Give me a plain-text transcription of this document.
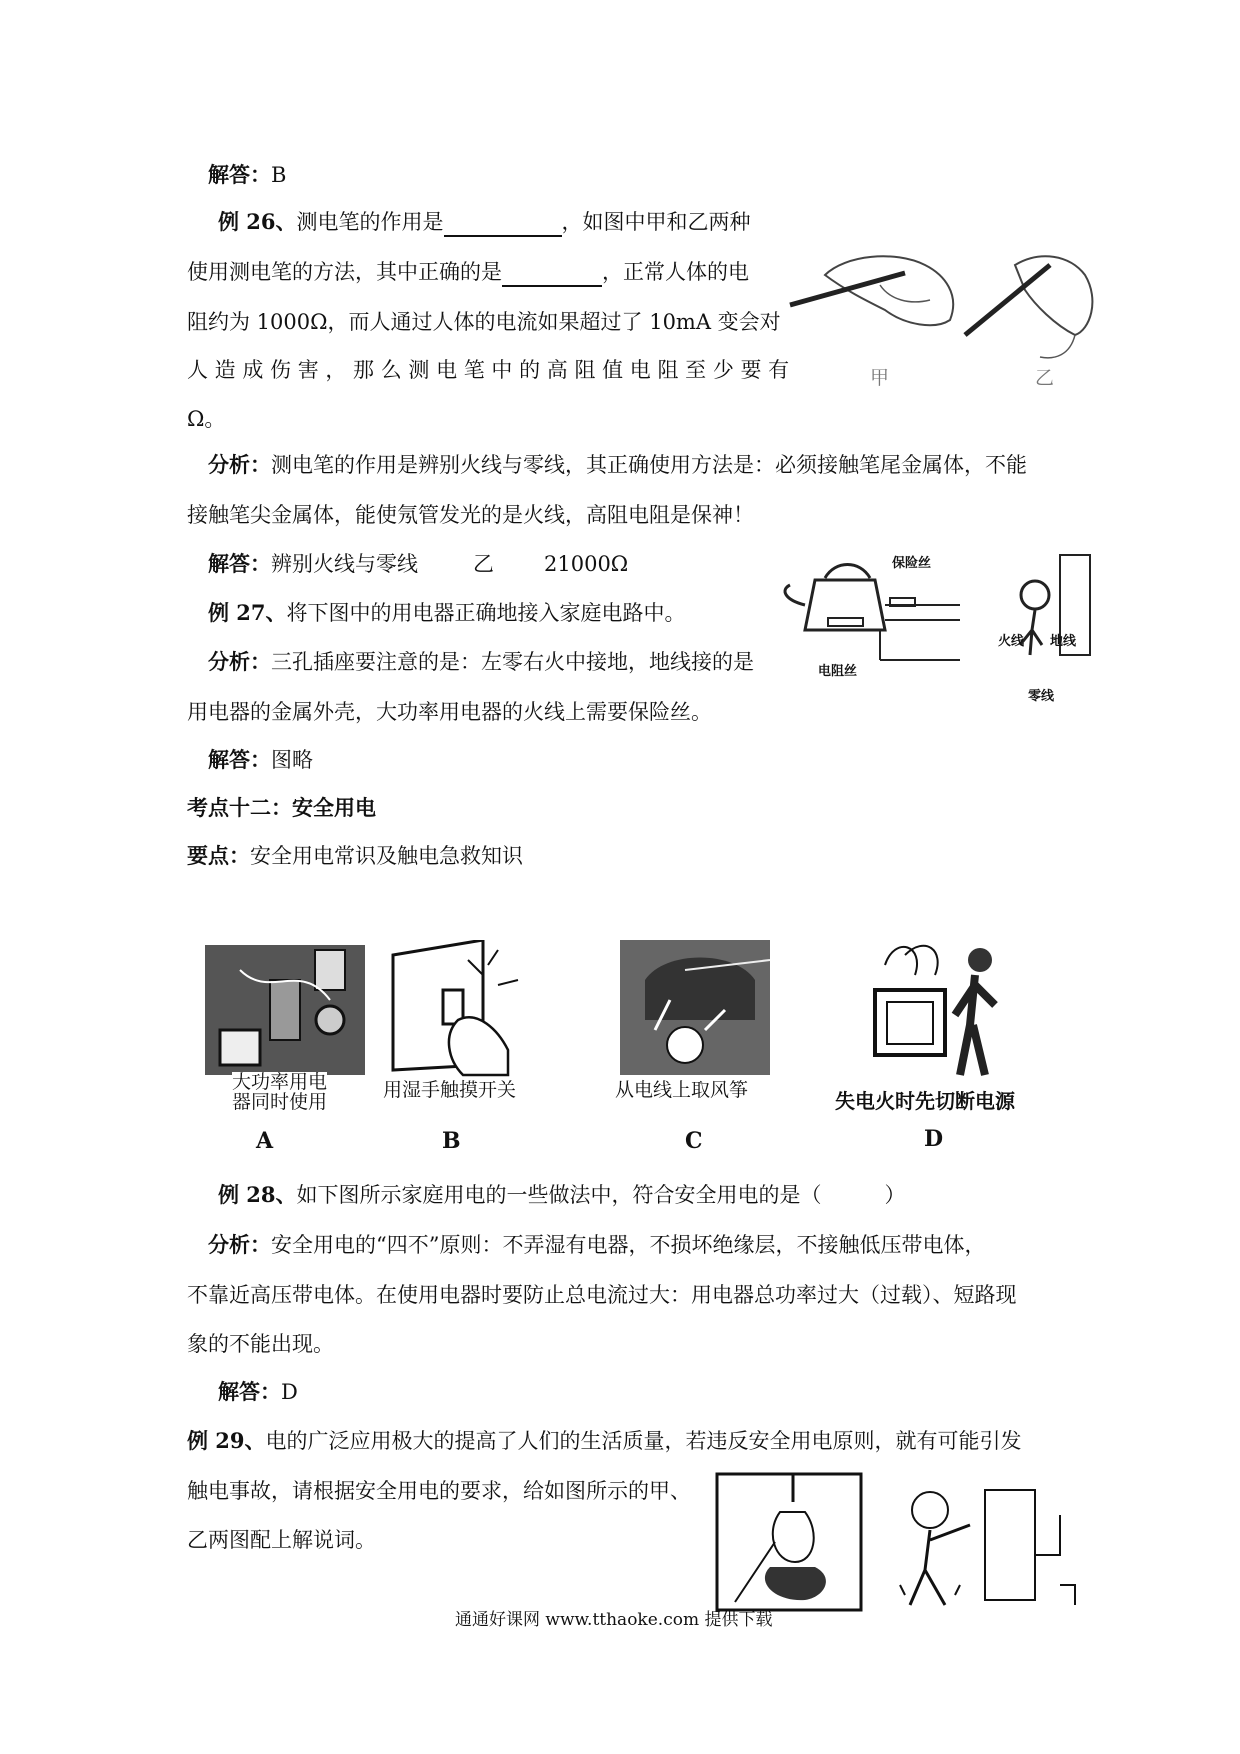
解答：B
例 26、测电笔的作用是	，如图中甲和乙两种
使用测电笔的方法，其中正确的是	，正常人体的电
阻约为 1000Ω，而人通过人体的电流如果超过了 10mA 变会对
人 造 成 伤 害 ， 那 么 测 电 笔 中 的 高 阻 值 电 阻 至 少 要 有
Ω。
甲	乙
分析：测电笔的作用是辨别火线与零线，其正确使用方法是：必须接触笔尾金属体，不能
接触笔尖金属体，能使氖管发光的是火线，高阻电阻是保神！
解答：辨别火线与零线	乙 21000Ω
例 27、将下图中的用电器正确地接入家庭电路中。
保险丝
电阻丝
火线 地线
零线
分析：三孔插座要注意的是：左零右火中接地，地线接的是
用电器的金属外壳，大功率用电器的火线上需要保险丝。
解答：图略
考点十二：安全用电
要点：安全用电常识及触电急救知识
大功率用电
器同时使用
A
用湿手触摸开关
B
从电线上取风筝
C
失电火时先切断电源
D
例 28、如下图所示家庭用电的一些做法中，符合安全用电的是（　　　）
分析：安全用电的“四不”原则：不弄湿有电器，不损坏绝缘层，不接触低压带电体，
不靠近高压带电体。在使用电器时要防止总电流过大：用电器总功率过大（过载）、短路现
象的不能出现。
解答：D
例 29、电的广泛应用极大的提高了人们的生活质量，若违反安全用电原则，就有可能引发
触电事故，请根据安全用电的要求，给如图所示的甲、
乙两图配上解说词。
通通好课网 www.tthaoke.com 提供下载
